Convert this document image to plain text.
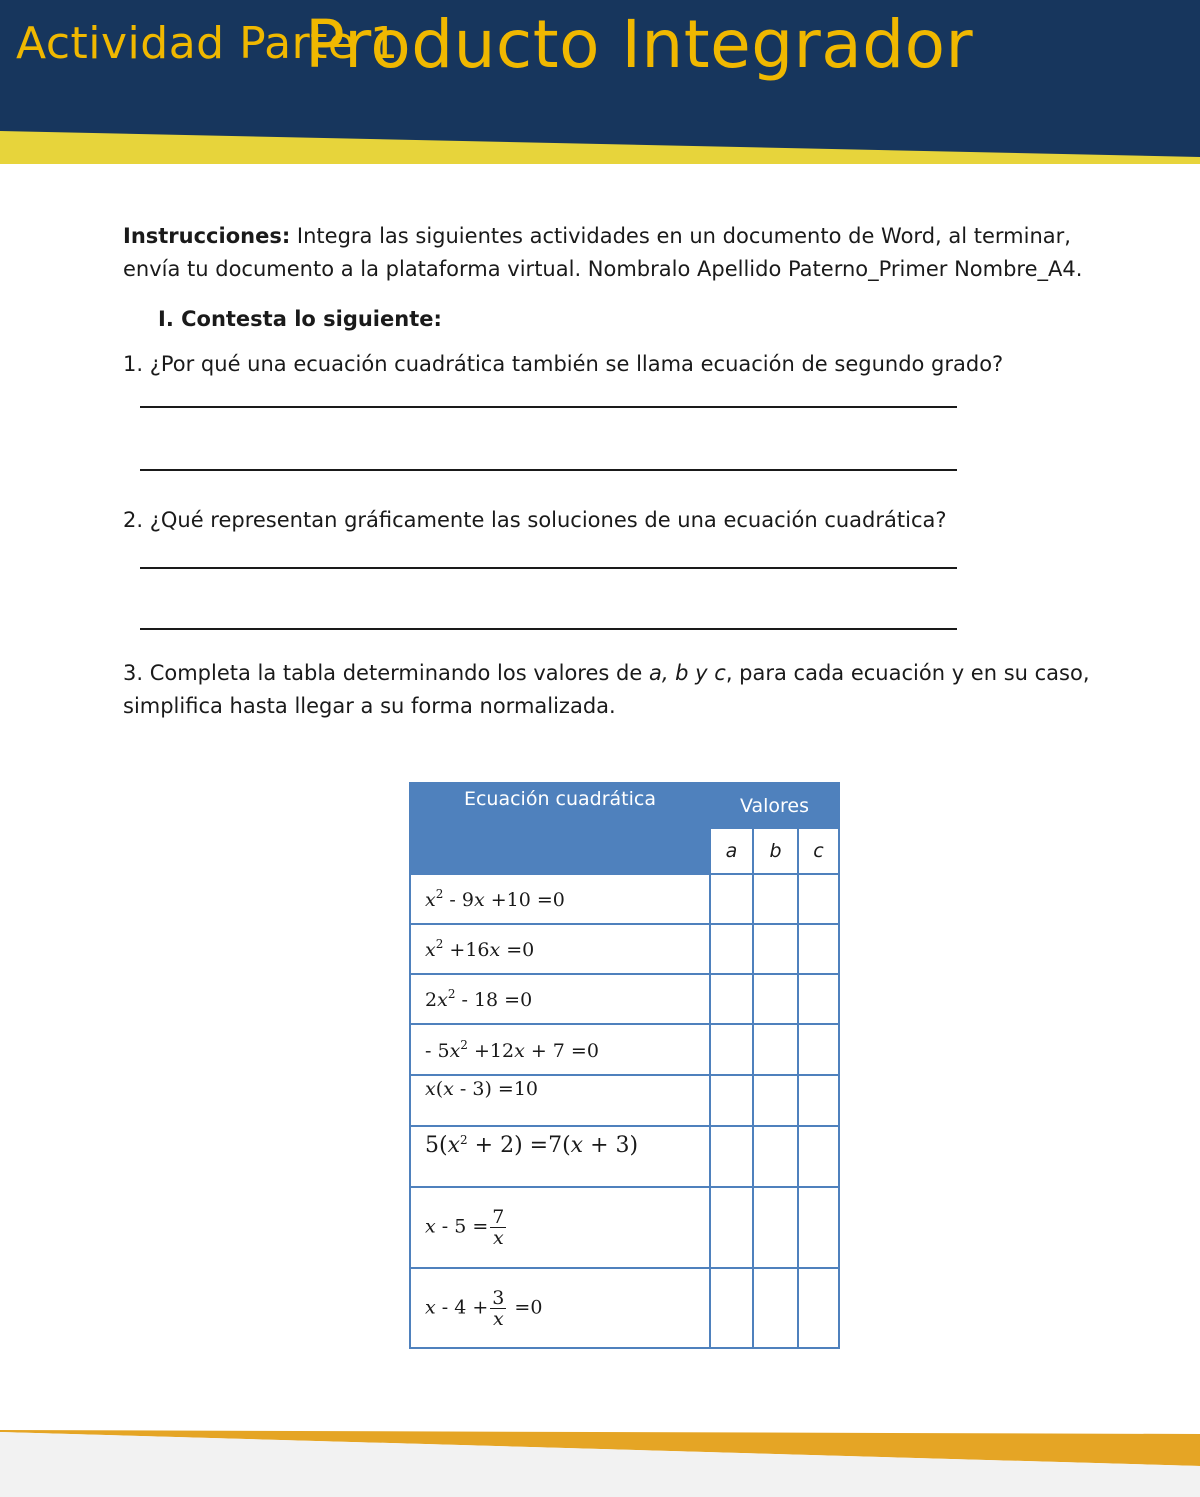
Actividad Parte 1
Producto Integrador

Instrucciones: Integra las siguientes actividades en un documento de Word, al terminar, envía tu documento a la plataforma virtual. Nombralo Apellido Paterno_Primer Nombre_A4.

I. Contesta lo siguiente:

1. ¿Por qué una ecuación cuadrática también se llama ecuación de segundo grado?

2. ¿Qué representan gráficamente las soluciones de una ecuación cuadrática?

3. Completa la tabla determinando los valores de a, b y c, para cada ecuación y en su caso, simplifica hasta llegar a su forma normalizada.

Ecuación cuadrática	Valores		
	a	b	c
$x^2 - 9x +10 =0$			
$x^2 +16x =0$			
$2x^2 - 18 =0$			
- $5x^2 +12x + 7 =0$			
x(x - 3) =10			
$5(x^2 + 2) =7(x + 3)$			
$x - 5 = \frac{7}{x}$

$x - 4 + \frac{3}{x} =0$			
